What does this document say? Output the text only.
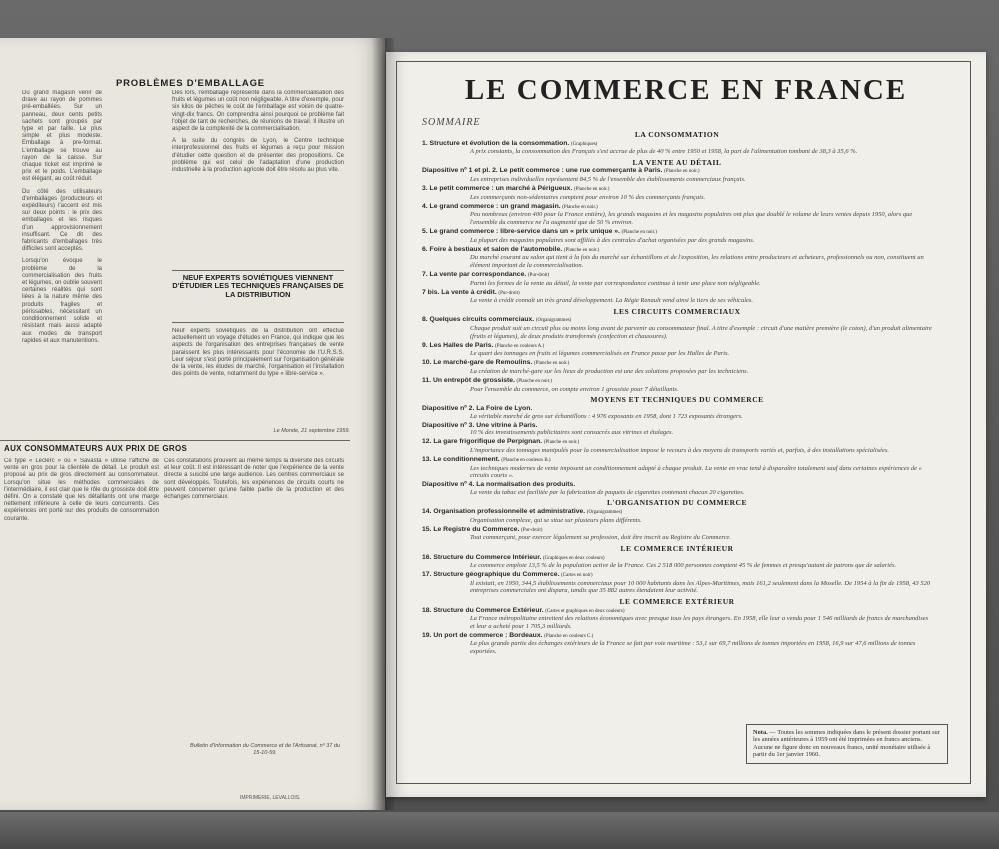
PROBLÈMES D'EMBALLAGE

Du grand magasin venir de drave au rayon de pommes pré-emballées. Sur un panneau, deux cents petits sachets sont groupés par type et par taille. Le plus simple et plus modeste. Emballage à pre-format. L'emballage se trouve au rayon de la caisse. Sur chaque ticket est imprimé le prix et le poids. L'emballage est élégant, au coût réduit.

Du côté des utilisateurs d'emballages (producteurs et expéditeurs) l'accent est mis sur deux points : le prix des emballages et les risques d'un approvisionnement insuffisant. Ce dit des fabricants d'emballages très difficiles sont acceptés.

Lorsqu'on évoque le problème de la commercialisation des fruits et légumes, on oublie souvent certaines réalités qui sont liées à la nature même des produits fragiles et périssables, nécessitant un conditionnement solide et résistant mais aussi adapté aux modes de transport rapides et aux manutentions.

Dès lors, l'emballage représente dans la commercialisation des fruits et légumes un coût non négligeable. A titre d'exemple, pour six kilos de pêches le coût de l'emballage est voisin de quatre-vingt-dix francs. On comprendra ainsi pourquoi ce problème fait l'objet de tant de recherches, de réunions de travail. Il illustre un aspect de la complexité de la commercialisation.

A la suite du congrès de Lyon, le Centre technique interprofessionnel des fruits et légumes a reçu pour mission d'étudier cette question et de présenter des propositions. Ce problème qui est celui de l'adaptation d'une production industrielle à la production agricole doit être résolu au plus vite.

NEUF EXPERTS SOVIÉTIQUES VIENNENT D'ÉTUDIER LES TECHNIQUES FRANÇAISES DE LA DISTRIBUTION

Neuf experts soviétiques de la distribution ont effectué actuellement un voyage d'études en France, qui indique que les aspects de l'organisation des entreprises françaises de vente paraissent les plus intéressants pour l'économie de l'U.R.S.S. Leur séjour s'est porté principalement sur l'organisation générale de la vente, les études de marché, l'organisation et l'installation des points de vente, notamment du type « libre-service ».

Le Monde, 21 septembre 1959.
AUX CONSOMMATEURS AUX PRIX DE GROS

Ce type « Leclerc » ou « Savasta » utilise l'affiche de vente en gros pour la clientèle de détail. Le produit est proposé au prix de gros directement au consommateur. Lorsqu'on situe les méthodes commerciales de l'intermédiaire, il est clair que le rôle du grossiste doit être défini. On a constaté que les détaillants ont une marge nettement inférieure à celle de leurs concurrents. Ces expériences ont porté sur des produits de consommation courante.

Ces constatations prouvent au même temps la diversité des circuits et leur coût. Il est intéressant de noter que l'expérience de la vente directe a suscité une large audience. Les centres commerciaux se sont développés. Toutefois, les expériences de circuits courts ne peuvent concerner qu'une faible partie de la production et des échanges commerciaux.

Bulletin d'Information du Commerce et de l'Artisanat, nº 37 du 15-10-59.
IMPRIMERIE, LEVALLOIS.
LE COMMERCE EN FRANCE
SOMMAIRE
LA CONSOMMATION
1. Structure et évolution de la consommation. (Graphiques)
A prix constants, la consommation des Français s'est accrue de plus de 40 % entre 1950 et 1958, la part de l'alimentation tombant de 38,3 à 35,6 %.
LA VENTE AU DÉTAIL
Diapositive nº 1 et pl. 2. Le petit commerce : une rue commerçante à Paris. (Planche en noir.)
Les entreprises individuelles représentent 84,5 % de l'ensemble des établissements commerciaux français.
3. Le petit commerce : un marché à Périgueux. (Planche en noir.)
Les commerçants non-sédentaires comptent pour environ 10 % des commerçants français.
4. Le grand commerce : un grand magasin. (Planche en noir.)
Peu nombreux (environ 400 pour la France entière), les grands magasins et les magasins populaires ont plus que doublé le volume de leurs ventes depuis 1950, alors que l'ensemble du commerce ne l'a augmenté que de 50 % environ.
5. Le grand commerce : libre-service dans un « prix unique ». (Planche en noir.)
La plupart des magasins populaires sont affiliés à des centrales d'achat organisées par des grands magasins.
6. Foire à bestiaux et salon de l'automobile. (Planche en noir.)
Du marché courant au salon qui tient à la fois du marché sur échantillons et de l'exposition, les relations entre producteurs et acheteurs, professionnels ou non, constituent un élément important de la commercialisation.
7. La vente par correspondance. (Pur-droit)
Parmi les formes de la vente au détail, la vente par correspondance continue à tenir une place non négligeable.
7 bis. La vente à crédit. (Pur-droit)
La vente à crédit connaît un très grand développement. La Régie Renault vend ainsi le tiers de ses véhicules.
LES CIRCUITS COMMERCIAUX
8. Quelques circuits commerciaux. (Organigrammes)
Chaque produit suit un circuit plus ou moins long avant de parvenir au consommateur final. A titre d'exemple : circuit d'une matière première (le coton), d'un produit alimentaire (fruits et légumes), de deux produits transformés (confection et chaussures).
9. Les Halles de Paris. (Planche en couleurs A.)
Le quart des tonnages en fruits et légumes commercialisés en France passe par les Halles de Paris.
10. Le marché-gare de Remoulins. (Planche en noir.)
La création de marché-gare sur les lieux de production est une des solutions proposées par les techniciens.
11. Un entrepôt de grossiste. (Planche en noir.)
Pour l'ensemble du commerce, on compte environ 1 grossiste pour 7 détaillants.
MOYENS ET TECHNIQUES DU COMMERCE
Diapositive nº 2. La Foire de Lyon.
La véritable marché de gros sur échantillons : 4 976 exposants en 1958, dont 1 723 exposants étrangers.
Diapositive nº 3. Une vitrine à Paris.
10 % des investissements publicitaires sont consacrés aux vitrines et étalages.
12. La gare frigorifique de Perpignan. (Planche en noir.)
L'importance des tonnages manipulés pour la commercialisation impose le recours à des moyens de transports variés et, parfois, à des installations spécialisées.
13. Le conditionnement. (Planche en couleurs B.)
Les techniques modernes de vente imposent un conditionnement adapté à chaque produit. La vente en vrac tend à disparaître totalement sauf dans certaines expériences de « circuits courts ».
Diapositive nº 4. La normalisation des produits.
La vente du tabac est facilitée par la fabrication de paquets de cigarettes contenant chacun 20 cigarettes.
L'ORGANISATION DU COMMERCE
14. Organisation professionnelle et administrative. (Organigrammes)
Organisation complexe, qui se situe sur plusieurs plans différents.
15. Le Registre du Commerce. (Pur-droit)
Tout commerçant, pour exercer légalement sa profession, doit être inscrit au Registre du Commerce.
LE COMMERCE INTÉRIEUR
16. Structure du Commerce Intérieur. (Graphiques en deux couleurs)
Le commerce emploie 13,5 % de la population active de la France. Ces 2 518 000 personnes comptent 45 % de femmes et presqu'autant de patrons que de salariés.
17. Structure géographique du Commerce. (Cartes en noir)
Il existait, en 1950, 344,5 établissements commerciaux pour 10 000 habitants dans les Alpes-Maritimes, mais 161,2 seulement dans la Moselle. De 1954 à la fin de 1958, 43 520 entreprises commerciales ont disparu, tandis que 35 882 autres étendaient leur activité.
LE COMMERCE EXTÉRIEUR
18. Structure du Commerce Extérieur. (Cartes et graphiques en deux couleurs)
La France métropolitaine entretient des relations économiques avec presque tous les pays étrangers. En 1958, elle leur a vendu pour 1 546 milliards de francs de marchandises et leur a acheté pour 1 705,3 milliards.
19. Un port de commerce : Bordeaux. (Planche en couleurs C.)
La plus grande partie des échanges extérieurs de la France se fait par voie maritime : 53,1 sur 69,7 millions de tonnes importées en 1958, 16,9 sur 47,6 millions de tonnes exportées.
Nota. — Toutes les sommes indiquées dans le présent dossier portant sur les années antérieures à 1959 ont été imprimées en francs anciens. Aucune ne figure donc en nouveaux francs, unité monétaire utilisée à partir du 1er janvier 1960.
